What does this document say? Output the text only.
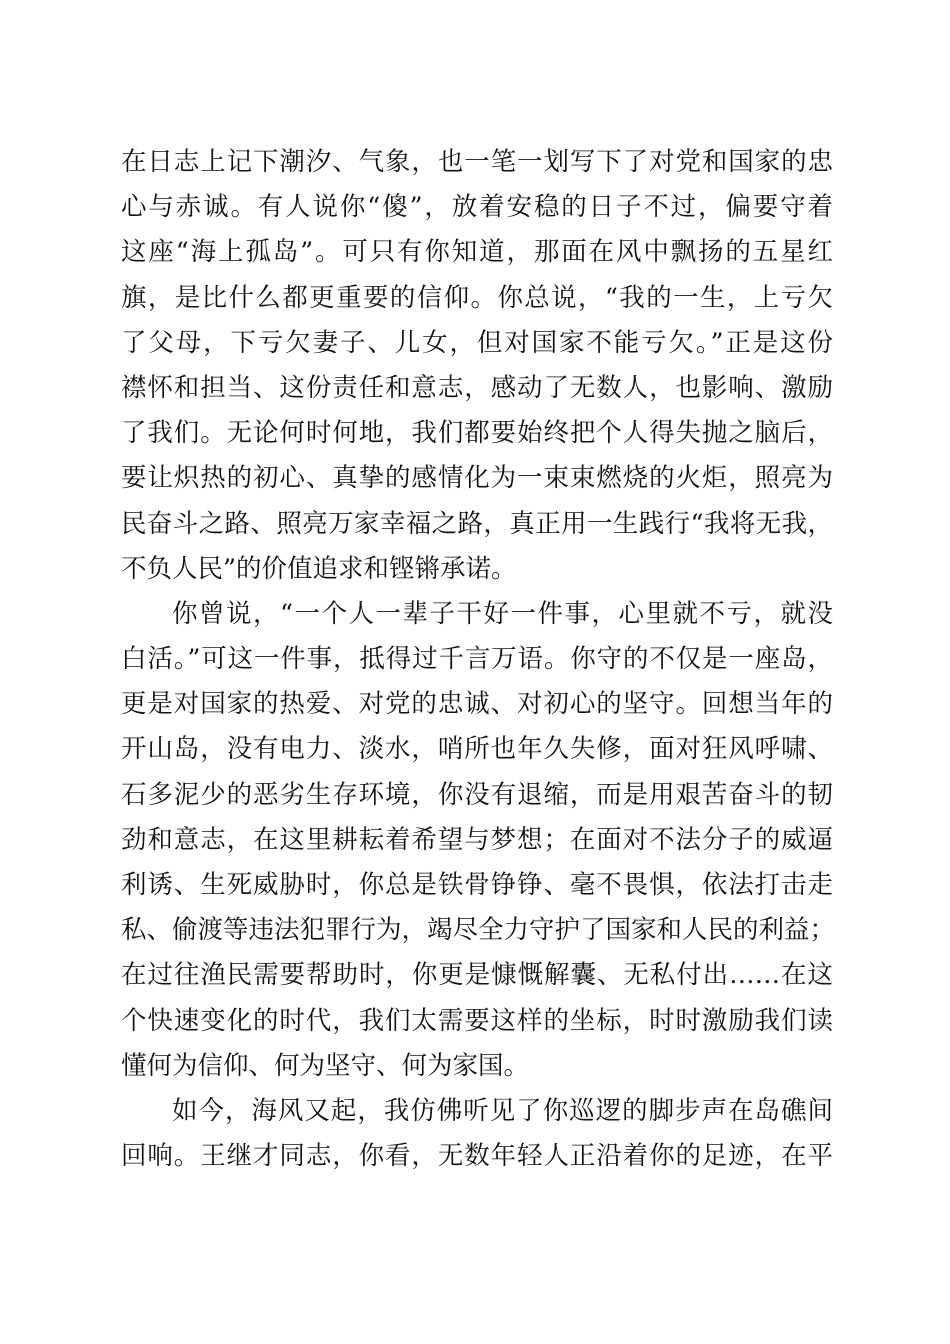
在日志上记下潮汐、气象，也一笔一划写下了对党和国家的忠
心与赤诚。有人说你“傻”，放着安稳的日子不过，偏要守着
这座“海上孤岛”。可只有你知道，那面在风中飘扬的五星红
旗，是比什么都更重要的信仰。你总说，“我的一生，上亏欠
了父母，下亏欠妻子、儿女，但对国家不能亏欠。”正是这份
襟怀和担当、这份责任和意志，感动了无数人，也影响、激励
了我们。无论何时何地，我们都要始终把个人得失抛之脑后，
要让炽热的初心、真挚的感情化为一束束燃烧的火炬，照亮为
民奋斗之路、照亮万家幸福之路，真正用一生践行“我将无我，
不负人民”的价值追求和铿锵承诺。
你曾说，“一个人一辈子干好一件事，心里就不亏，就没
白活。”可这一件事，抵得过千言万语。你守的不仅是一座岛，
更是对国家的热爱、对党的忠诚、对初心的坚守。回想当年的
开山岛，没有电力、淡水，哨所也年久失修，面对狂风呼啸、
石多泥少的恶劣生存环境，你没有退缩，而是用艰苦奋斗的韧
劲和意志，在这里耕耘着希望与梦想；在面对不法分子的威逼
利诱、生死威胁时，你总是铁骨铮铮、毫不畏惧，依法打击走
私、偷渡等违法犯罪行为，竭尽全力守护了国家和人民的利益；
在过往渔民需要帮助时，你更是慷慨解囊、无私付出……在这
个快速变化的时代，我们太需要这样的坐标，时时激励我们读
懂何为信仰、何为坚守、何为家国。
如今，海风又起，我仿佛听见了你巡逻的脚步声在岛礁间
回响。王继才同志，你看，无数年轻人正沿着你的足迹，在平
